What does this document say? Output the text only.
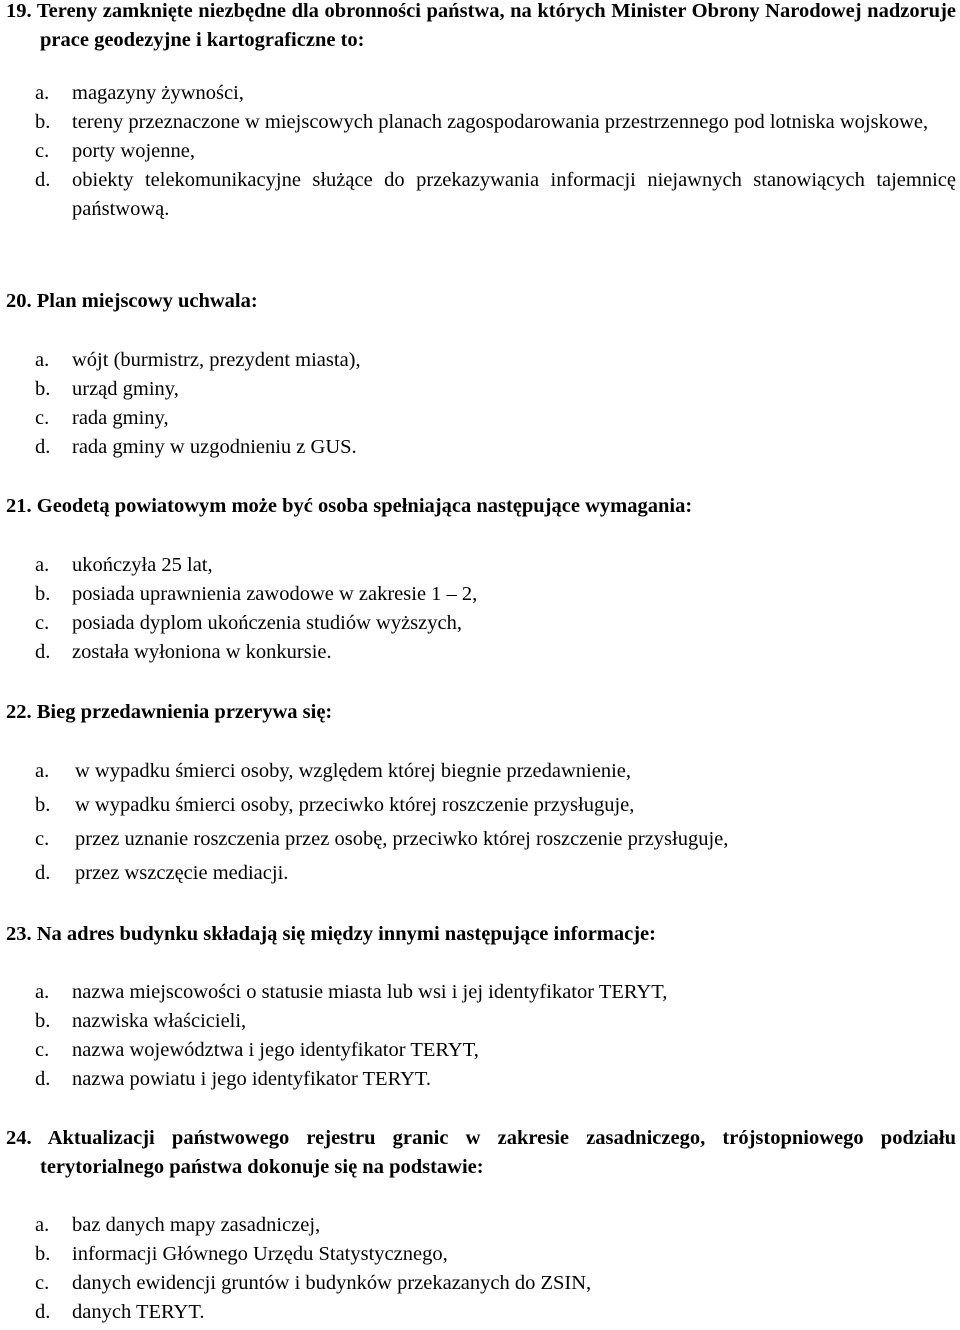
19. Tereny zamknięte niezbędne dla obronności państwa, na których Minister Obrony Narodowej nadzoruje prace geodezyjne i kartograficzne to:
a. magazyny żywności,
b. tereny przeznaczone w miejscowych planach zagospodarowania przestrzennego pod lotniska wojskowe,
c. porty wojenne,
d. obiekty telekomunikacyjne służące do przekazywania informacji niejawnych stanowiących tajemnicę państwową.
20. Plan miejscowy uchwala:
a. wójt (burmistrz, prezydent miasta),
b. urząd gminy,
c. rada gminy,
d. rada gminy w uzgodnieniu z GUS.
21. Geodetą powiatowym może być osoba spełniająca następujące wymagania:
a. ukończyła 25 lat,
b. posiada uprawnienia zawodowe w zakresie 1 – 2,
c. posiada dyplom ukończenia studiów wyższych,
d. została wyłoniona w konkursie.
22. Bieg przedawnienia przerywa się:
a. w wypadku śmierci osoby, względem której biegnie przedawnienie,
b. w wypadku śmierci osoby, przeciwko której roszczenie przysługuje,
c. przez uznanie roszczenia przez osobę, przeciwko której roszczenie przysługuje,
d. przez wszczęcie mediacji.
23. Na adres budynku składają się między innymi następujące informacje:
a. nazwa miejscowości o statusie miasta lub wsi i jej identyfikator TERYT,
b. nazwiska właścicieli,
c. nazwa województwa i jego identyfikator TERYT,
d. nazwa powiatu i jego identyfikator TERYT.
24. Aktualizacji państwowego rejestru granic w zakresie zasadniczego, trójstopniowego podziału terytorialnego państwa dokonuje się na podstawie:
a. baz danych mapy zasadniczej,
b. informacji Głównego Urzędu Statystycznego,
c. danych ewidencji gruntów i budynków przekazanych do ZSIN,
d. danych TERYT.
